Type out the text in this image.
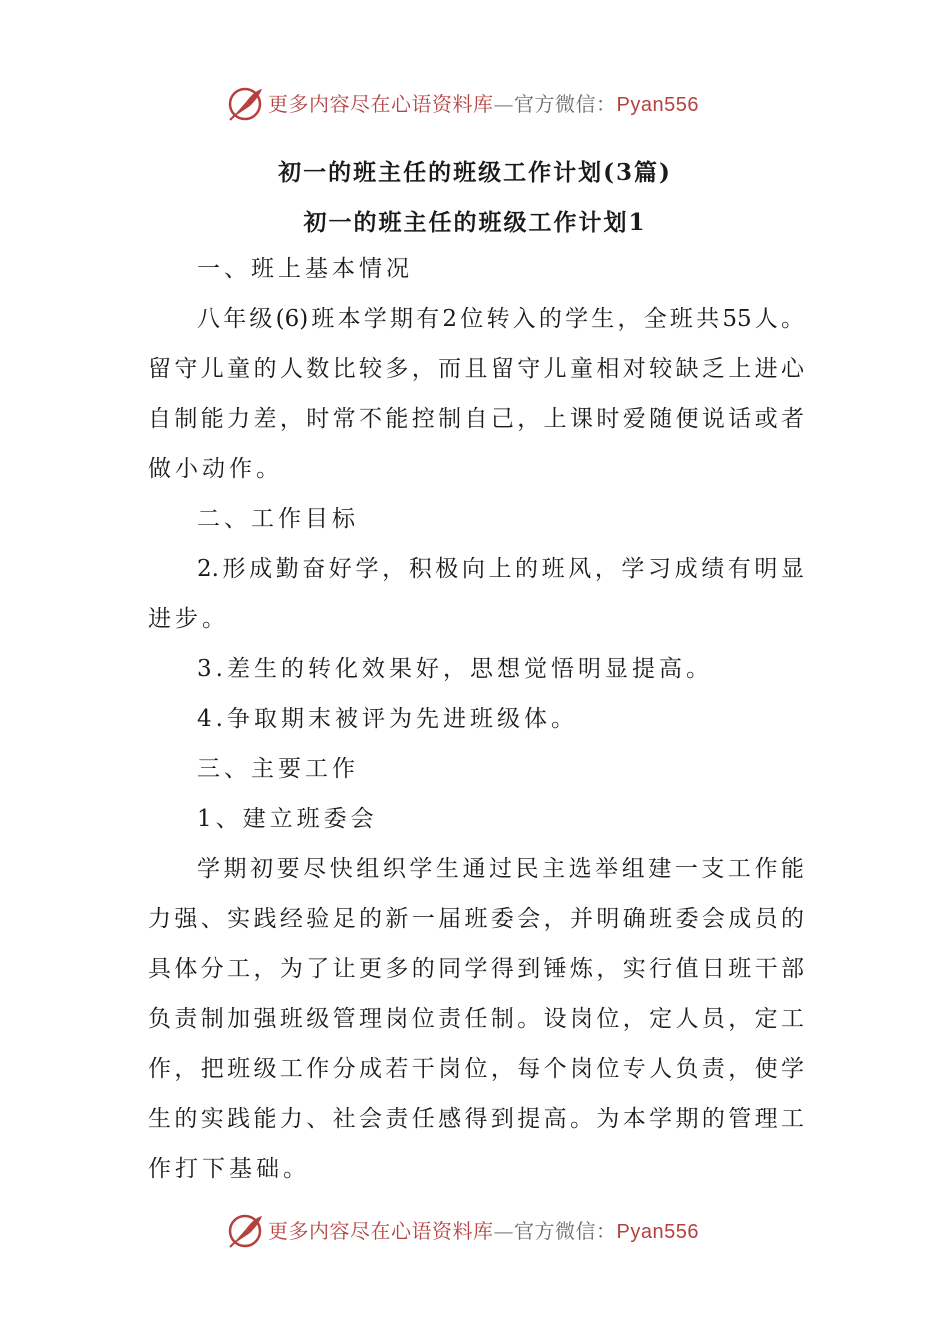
更多内容尽在心语资料库—官方微信：Pyan556
初一的班主任的班级工作计划(3篇)
初一的班主任的班级工作计划1
一、班上基本情况
八年级(6)班本学期有2位转入的学生，全班共55人。
留守儿童的人数比较多，而且留守儿童相对较缺乏上进心
自制能力差，时常不能控制自己，上课时爱随便说话或者
做小动作。
二、工作目标
2.形成勤奋好学，积极向上的班风，学习成绩有明显
进步。
3.差生的转化效果好，思想觉悟明显提高。
4.争取期末被评为先进班级体。
三、主要工作
1、建立班委会
学期初要尽快组织学生通过民主选举组建一支工作能
力强、实践经验足的新一届班委会，并明确班委会成员的
具体分工，为了让更多的同学得到锤炼，实行值日班干部
负责制加强班级管理岗位责任制。设岗位，定人员，定工
作，把班级工作分成若干岗位，每个岗位专人负责，使学
生的实践能力、社会责任感得到提高。为本学期的管理工
作打下基础。
更多内容尽在心语资料库—官方微信：Pyan556
